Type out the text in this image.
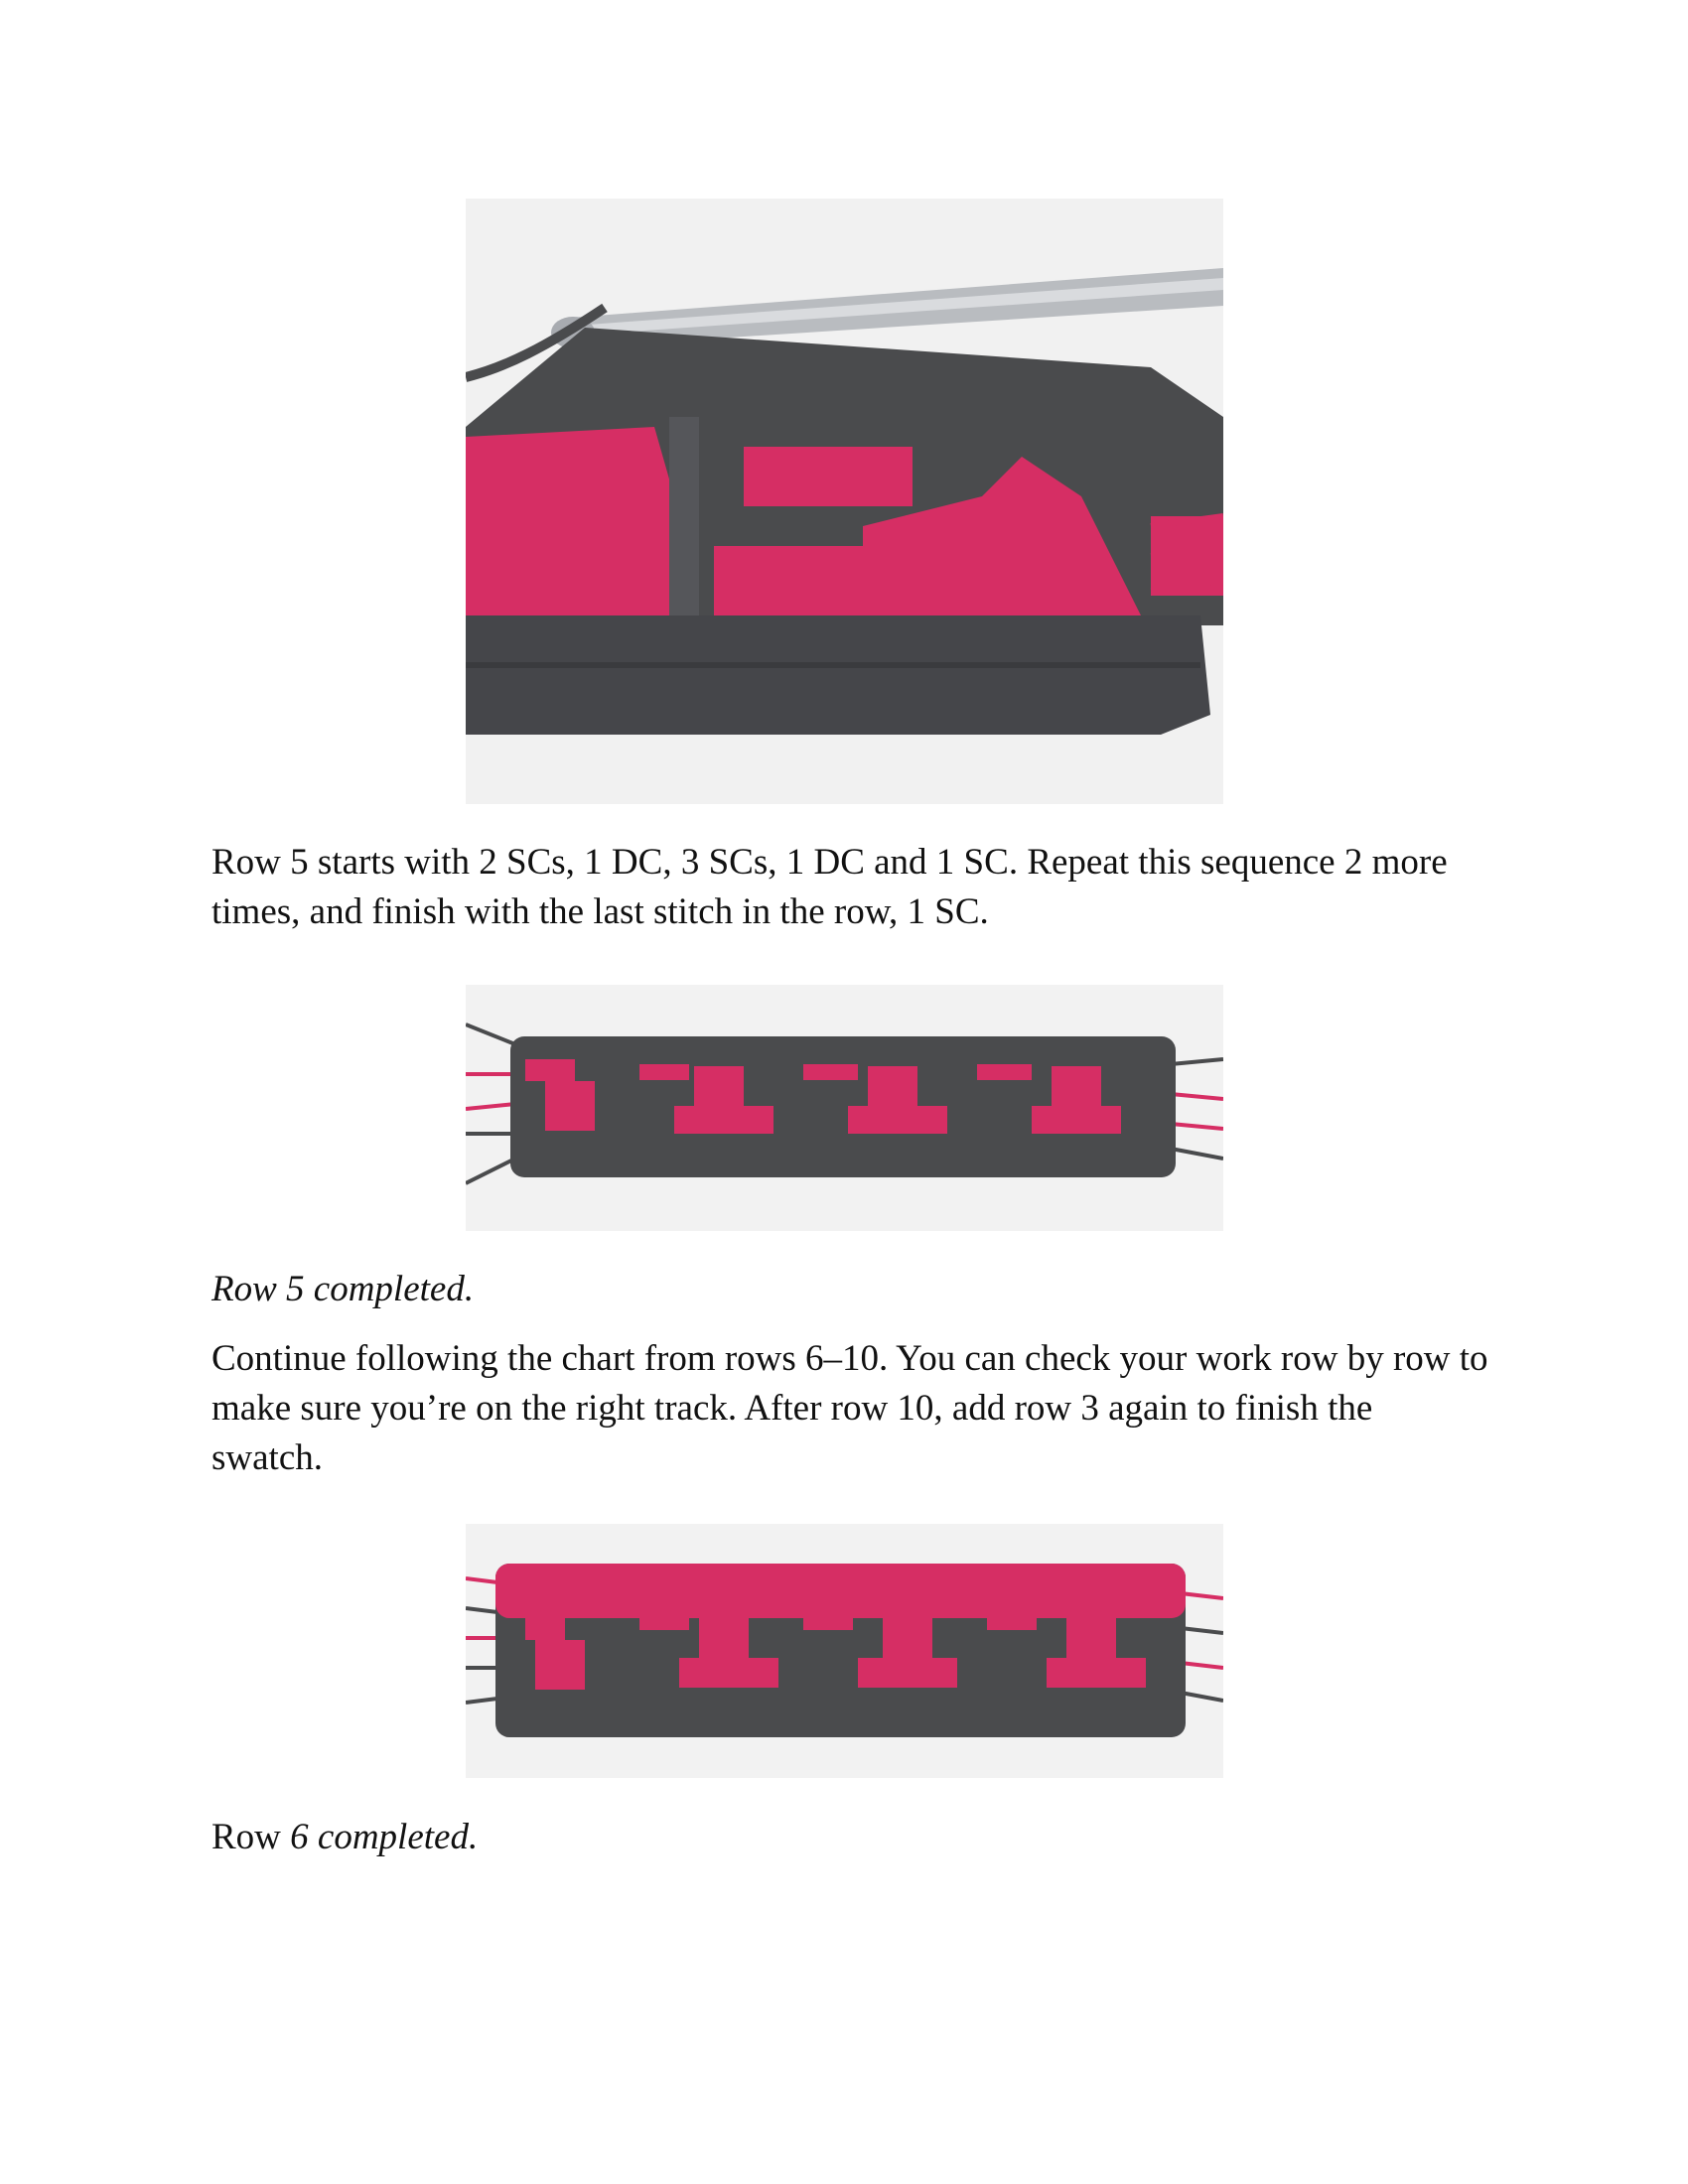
Row 5 starts with 2 SCs, 1 DC, 3 SCs, 1 DC and 1 SC. Repeat this sequence 2 more times, and finish with the last stitch in the row, 1 SC.

Row 5 completed.

Continue following the chart from rows 6–10. You can check your work row by row to make sure you’re on the right track. After row 10, add row 3 again to finish the swatch.

Row 6 completed.
